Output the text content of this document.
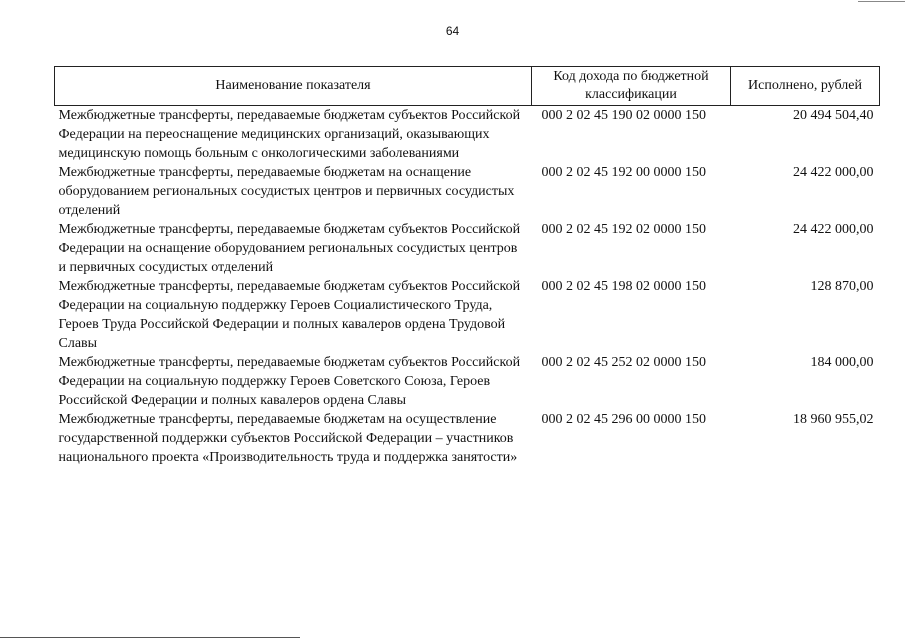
64
Наименование показателя	Код дохода по бюджетной классификации	Исполнено, рублей
Межбюджетные трансферты, передаваемые бюджетам субъектов Российской Федерации на переоснащение медицинских организаций, оказывающих медицинскую помощь больным с онкологическими заболеваниями	000 2 02 45 190 02 0000 150	20 494 504,40
Межбюджетные трансферты, передаваемые бюджетам на оснащение оборудованием региональных сосудистых центров и первичных сосудистых отделений	000 2 02 45 192 00 0000 150	24 422 000,00
Межбюджетные трансферты, передаваемые бюджетам субъектов Российской Федерации на оснащение оборудованием региональных сосудистых центров и первичных сосудистых отделений	000 2 02 45 192 02 0000 150	24 422 000,00
Межбюджетные трансферты, передаваемые бюджетам субъектов Российской Федерации на социальную поддержку Героев Социалистического Труда, Героев Труда Российской Федерации и полных кавалеров ордена Трудовой Славы	000 2 02 45 198 02 0000 150	128 870,00
Межбюджетные трансферты, передаваемые бюджетам субъектов Российской Федерации на социальную поддержку Героев Советского Союза, Героев Российской Федерации и полных кавалеров ордена Славы	000 2 02 45 252 02 0000 150	184 000,00
Межбюджетные трансферты, передаваемые бюджетам на осуществление государственной поддержки субъектов Российской Федерации – участников национального проекта «Производительность труда и поддержка занятости»	000 2 02 45 296 00 0000 150	18 960 955,02
